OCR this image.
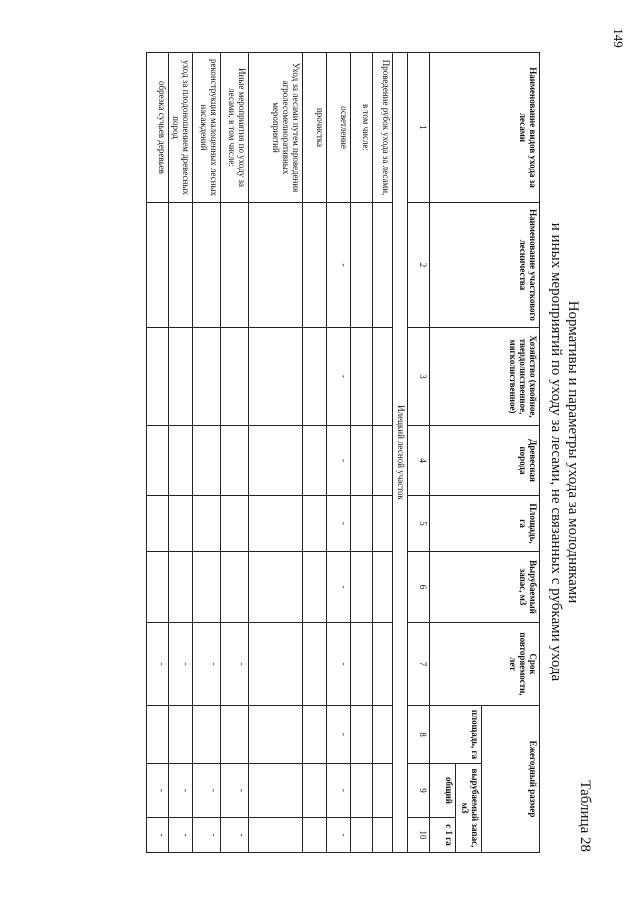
149
Таблица 28
Нормативы и параметры ухода за молодняками
и иных мероприятий по уходу за лесами, не связанных с рубками ухода
Наименование видов ухода за лесами	Наименование участкового лесничества	Хозяйство (хвойное, твердолиственное, мягколиственное)	Древесная порода	Площадь, га	Вырубаемый запас, м3	Срок повторяемости, лет	Ежегодный размер		
							площадь, га	вырубаемый запас, м3	
								общий	с 1 га
1	2	3	4	5	6	7	8	9	10
Илецкий лесной участок									
Проведение рубок ухода за лесами,									
в том числе:									
осветление	-	-	-	-	-	-	-	-	-
прочистка									
Уход за лесами путем проведения агролесомелиоративных мероприятий									
Иные мероприятия по уходу за лесами, в том числе:						-		-	-
реконструкция малоценных лесных насаждений						-		-	-
уход за плодоношением древесных пород						-		-	-
обрезка сучьев деревьев						-		-	-
